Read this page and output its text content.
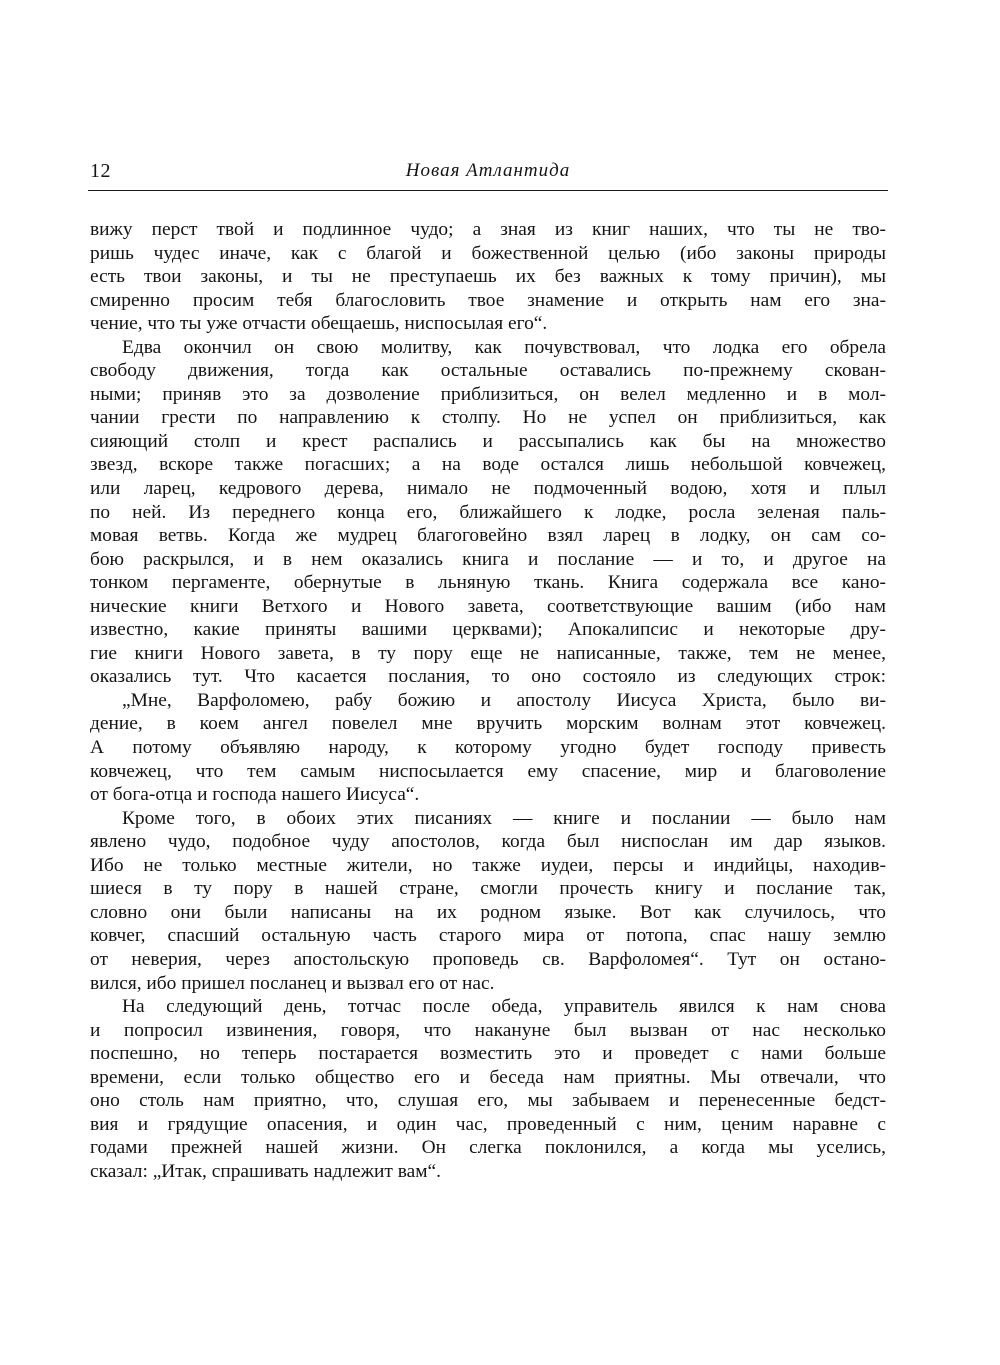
12	Новая Атлантида
вижу перст твой и подлинное чудо; а зная из книг наших, что ты не тво-
ришь чудес иначе, как с благой и божественной целью (ибо законы природы
есть твои законы, и ты не преступаешь их без важных к тому причин), мы
смиренно просим тебя благословить твое знамение и открыть нам его зна-
чение, что ты уже отчасти обещаешь, ниспосылая его“.
Едва окончил он свою молитву, как почувствовал, что лодка его обрела
свободу движения, тогда как остальные оставались по-прежнему скован-
ными; приняв это за дозволение приблизиться, он велел медленно и в мол-
чании грести по направлению к столпу. Но не успел он приблизиться, как
сияющий столп и крест распались и рассыпались как бы на множество
звезд, вскоре также погасших; а на воде остался лишь небольшой ковчежец,
или ларец, кедрового дерева, нимало не подмоченный водою, хотя и плыл
по ней. Из переднего конца его, ближайшего к лодке, росла зеленая паль-
мовая ветвь. Когда же мудрец благоговейно взял ларец в лодку, он сам со-
бою раскрылся, и в нем оказались книга и послание — и то, и другое на
тонком пергаменте, обернутые в льняную ткань. Книга содержала все кано-
нические книги Ветхого и Нового завета, соответствующие вашим (ибо нам
известно, какие приняты вашими церквами); Апокалипсис и некоторые дру-
гие книги Нового завета, в ту пору еще не написанные, также, тем не менее,
оказались тут. Что касается послания, то оно состояло из следующих строк:
„Мне, Варфоломею, рабу божию и апостолу Иисуса Христа, было ви-
дение, в коем ангел повелел мне вручить морским волнам этот ковчежец.
А потому объявляю народу, к которому угодно будет господу привесть
ковчежец, что тем самым ниспосылается ему спасение, мир и благоволение
от бога-отца и господа нашего Иисуса“.
Кроме того, в обоих этих писаниях — книге и послании — было нам
явлено чудо, подобное чуду апостолов, когда был ниспослан им дар языков.
Ибо не только местные жители, но также иудеи, персы и индийцы, находив-
шиеся в ту пору в нашей стране, смогли прочесть книгу и послание так,
словно они были написаны на их родном языке. Вот как случилось, что
ковчег, спасший остальную часть старого мира от потопа, спас нашу землю
от неверия, через апостольскую проповедь св. Варфоломея“. Тут он остано-
вился, ибо пришел посланец и вызвал его от нас.
На следующий день, тотчас после обеда, управитель явился к нам снова
и попросил извинения, говоря, что накануне был вызван от нас несколько
поспешно, но теперь постарается возместить это и проведет с нами больше
времени, если только общество его и беседа нам приятны. Мы отвечали, что
оно столь нам приятно, что, слушая его, мы забываем и перенесенные бедст-
вия и грядущие опасения, и один час, проведенный с ним, ценим наравне с
годами прежней нашей жизни. Он слегка поклонился, а когда мы уселись,
сказал: „Итак, спрашивать надлежит вам“.
